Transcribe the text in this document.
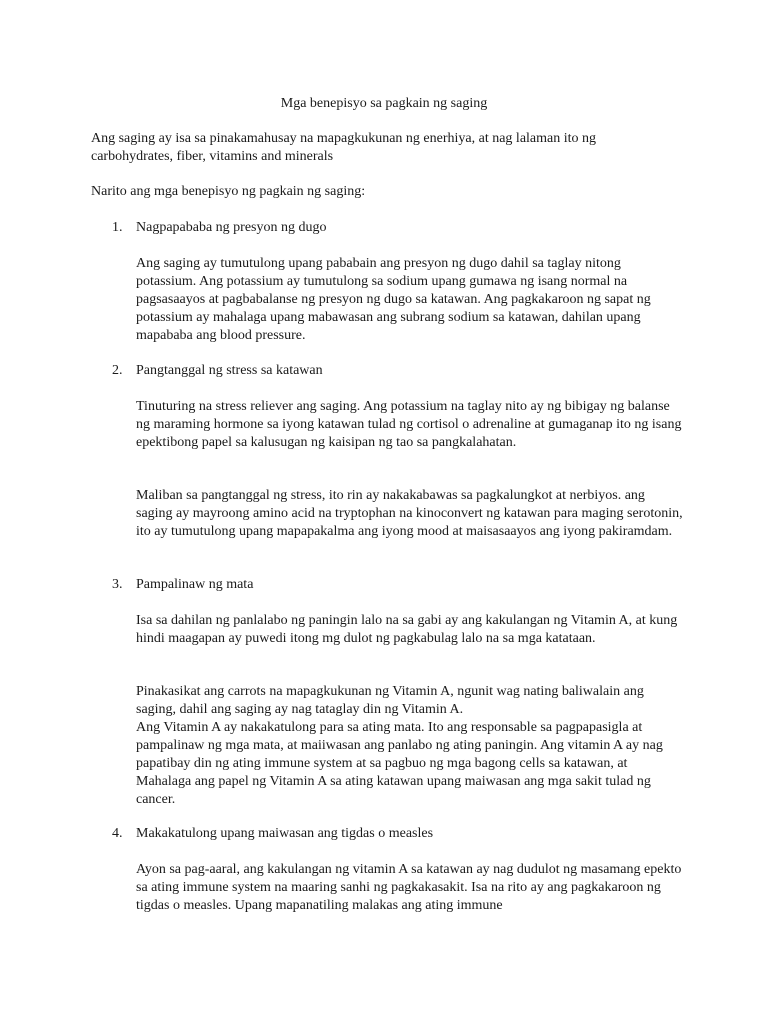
Mga benepisyo sa pagkain ng saging
Ang saging ay isa sa pinakamahusay na mapagkukunan ng enerhiya, at nag lalaman ito ng carbohydrates, fiber, vitamins and minerals
Narito ang mga benepisyo ng pagkain ng saging:
1. Nagpapababa ng presyon ng dugo

Ang saging ay tumutulong upang pababain ang presyon ng dugo dahil sa taglay nitong potassium. Ang potassium ay tumutulong sa sodium upang gumawa ng isang normal na pagsasaayos at pagbabalanse ng presyon ng dugo sa katawan. Ang pagkakaroon ng sapat ng potassium ay mahalaga upang mabawasan ang subrang sodium sa katawan, dahilan upang mapababa ang blood pressure.

2. Pangtanggal ng stress sa katawan

Tinuturing na stress reliever ang saging. Ang potassium na taglay nito ay ng bibigay ng balanse ng maraming hormone sa iyong katawan tulad ng cortisol o adrenaline at gumaganap ito ng isang epektibong papel sa kalusugan ng kaisipan ng tao sa pangkalahatan.

Maliban sa pangtanggal ng stress, ito rin ay nakakabawas sa pagkalungkot at nerbiyos. ang saging ay mayroong amino acid na tryptophan na kinoconvert ng katawan para maging serotonin, ito ay tumutulong upang mapapakalma ang iyong mood at maisasaayos ang iyong pakiramdam.

3. Pampalinaw ng mata

Isa sa dahilan ng panlalabo ng paningin lalo na sa gabi ay ang kakulangan ng Vitamin A, at kung hindi maagapan ay puwedi itong mg dulot ng pagkabulag lalo na sa mga katataan.

Pinakasikat ang carrots na mapagkukunan ng Vitamin A, ngunit wag nating baliwalain ang saging, dahil ang saging ay nag tataglay din ng Vitamin A.

Ang Vitamin A ay nakakatulong para sa ating mata. Ito ang responsable sa pagpapasigla at pampalinaw ng mga mata, at maiiwasan ang panlabo ng ating paningin. Ang vitamin A ay nag papatibay din ng ating immune system at sa pagbuo ng mga bagong cells sa katawan, at Mahalaga ang papel ng Vitamin A sa ating katawan upang maiwasan ang mga sakit tulad ng cancer.

4. Makakatulong upang maiwasan ang tigdas o measles

Ayon sa pag-aaral, ang kakulangan ng vitamin A sa katawan ay nag dudulot ng masamang epekto sa ating immune system na maaring sanhi ng pagkakasakit. Isa na rito ay ang pagkakaroon ng tigdas o measles. Upang mapanatiling malakas ang ating immune
